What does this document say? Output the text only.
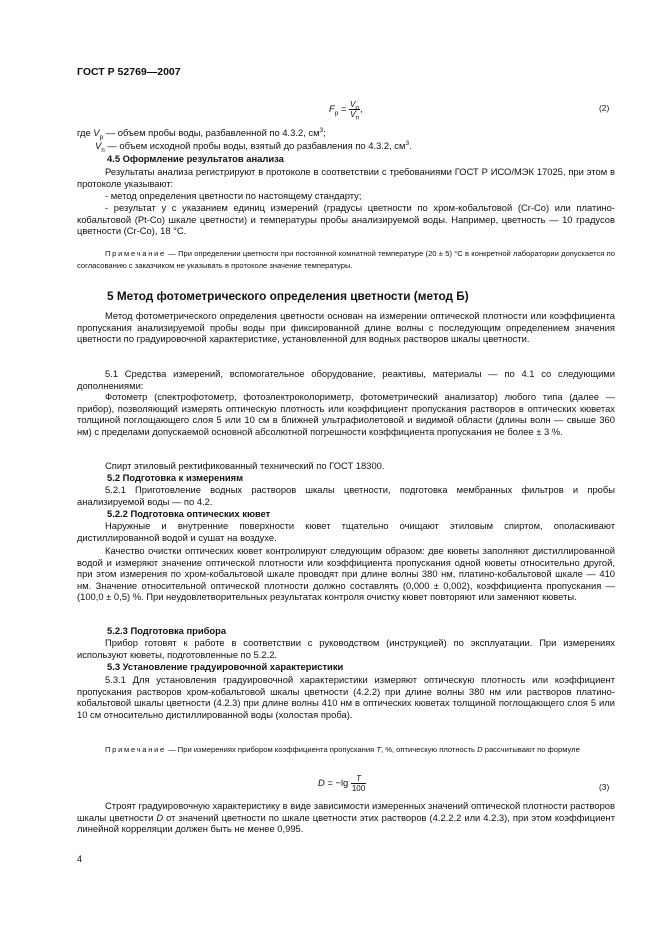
ГОСТ Р 52769—2007
$F_р = \frac{V_р}{V_п}$ ,	(2)
где $V_р$ — объем пробы воды, разбавленной по 4.3.2, $см^3$;
$V_п$ — объем исходной пробы воды, взятый до разбавления по 4.3.2, $см^3$.
4.5 Оформление результатов анализа

Результаты анализа регистрируют в протоколе в соответствии с требованиями ГОСТ Р ИСО/МЭК 17025, при этом в протоколе указывают:

- метод определения цветности по настоящему стандарту;

- результат у с указанием единиц измерений (градусы цветности по хром-кобальтовой (Cr-Co) или платино-кобальтовой (Pt-Co) шкале цветности) и температуры пробы анализируемой воды. Например, цветность — 10 градусов цветности (Cr-Co), 18 °С.

Примечание — При определении цветности при постоянной комнатной температуре (20 ± 5) °С в конкретной лаборатории допускается по согласованию с заказчиком не указывать в протоколе значение температуры.

5 Метод фотометрического определения цветности (метод Б)

Метод фотометрического определения цветности основан на измерении оптической плотности или коэффициента пропускания анализируемой пробы воды при фиксированной длине волны с последующим определением значения цветности по градуировочной характеристике, установленной для водных растворов шкалы цветности.

5.1 Средства измерений, вспомогательное оборудование, реактивы, материалы — по 4.1 со следующими дополнениями:

Фотометр (спектрофотометр, фотоэлектроколориметр, фотометрический анализатор) любого типа (далее — прибор), позволяющий измерять оптическую плотность или коэффициент пропускания растворов в оптических кюветах толщиной поглощающего слоя 5 или 10 см в ближней ультрафиолетовой и видимой области (длины волн — свыше 360 нм) с пределами допускаемой основной абсолютной погрешности коэффициента пропускания не более ± 3 %.

Спирт этиловый ректификованный технический по ГОСТ 18300.

5.2 Подготовка к измерениям

5.2.1 Приготовление водных растворов шкалы цветности, подготовка мембранных фильтров и пробы анализируемой воды — по 4.2.

5.2.2 Подготовка оптических кювет

Наружные и внутренние поверхности кювет тщательно очищают этиловым спиртом, ополаскивают дистиллированной водой и сушат на воздухе.

Качество очистки оптических кювет контролируют следующим образом: две кюветы заполняют дистиллированной водой и измеряют значение оптической плотности или коэффициента пропускания одной кюветы относительно другой, при этом измерения по хром-кобальтовой шкале проводят при длине волны 380 нм, платино-кобальтовой шкале — 410 нм. Значение относительной оптической плотности должно составлять (0,000 ± 0,002), коэффициента пропускания — (100,0 ± 0,5) %. При неудовлетворительных результатах контроля очистку кювет повторяют или заменяют кюветы.

5.2.3 Подготовка прибора

Прибор готовят к работе в соответствии с руководством (инструкцией) по эксплуатации. При измерениях используют кюветы, подготовленные по 5.2.2.

5.3 Установление градуировочной характеристики

5.3.1 Для установления градуировочной характеристики измеряют оптическую плотность или коэффициент пропускания растворов хром-кобальтовой шкалы цветности (4.2.2) при длине волны 380 нм или растворов платино-кобальтовой шкалы цветности (4.2.3) при длине волны 410 нм в оптических кюветах толщиной поглощающего слоя 5 или 10 см относительно дистиллированной воды (холостая проба).

Примечание — При измерениях прибором коэффициента пропускания T, %, оптическую плотность D рассчитывают по формуле

$D = -\lg \frac{T}{100}$	(3)

Строят градуировочную характеристику в виде зависимости измеренных значений оптической плотности растворов шкалы цветности D от значений цветности по шкале цветности этих растворов (4.2.2.2 или 4.2.3), при этом коэффициент линейной корреляции должен быть не менее 0,995.

4
